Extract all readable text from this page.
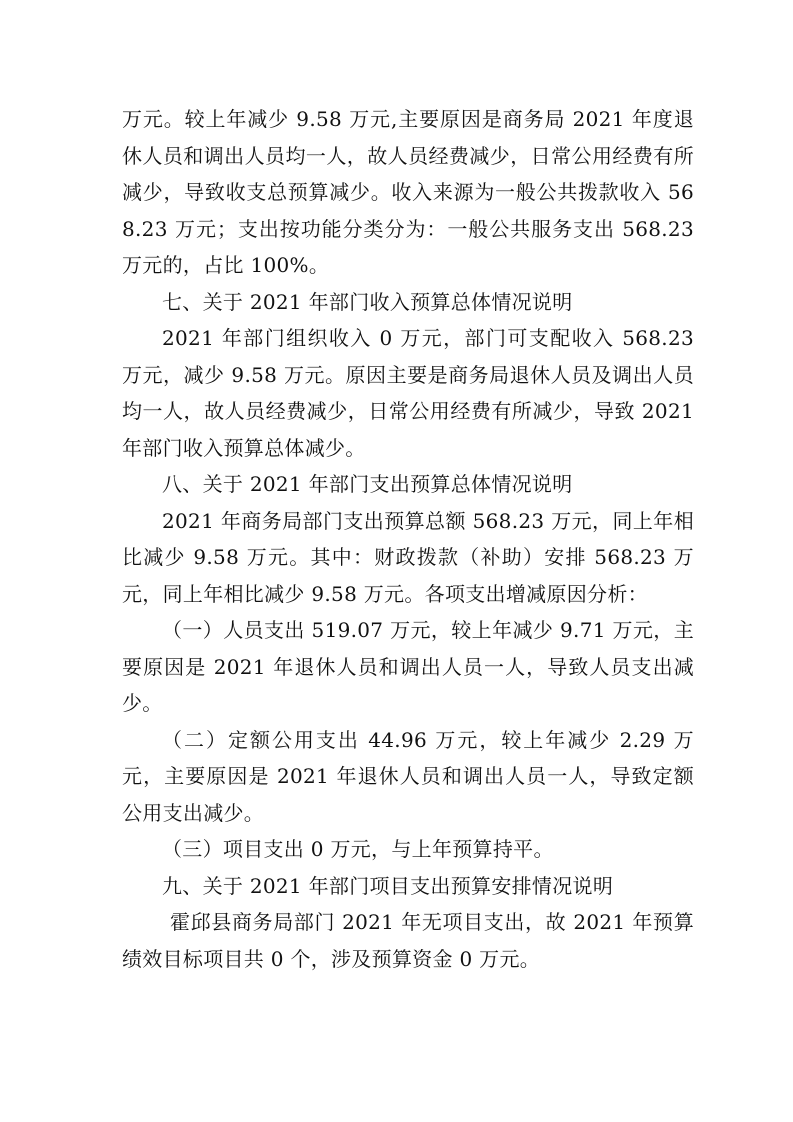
万元。较上年减少 9.58 万元,主要原因是商务局 2021 年度退休人员和调出人员均一人，故人员经费减少，日常公用经费有所减少，导致收支总预算减少。收入来源为一般公共拨款收入 568.23 万元；支出按功能分类分为：一般公共服务支出 568.23 万元的，占比 100%。

七、关于 2021 年部门收入预算总体情况说明

2021 年部门组织收入 0 万元，部门可支配收入 568.23 万元，减少 9.58 万元。原因主要是商务局退休人员及调出人员均一人，故人员经费减少，日常公用经费有所减少，导致 2021 年部门收入预算总体减少。

八、关于 2021 年部门支出预算总体情况说明

2021 年商务局部门支出预算总额 568.23 万元，同上年相比减少 9.58 万元。其中：财政拨款（补助）安排 568.23 万元，同上年相比减少 9.58 万元。各项支出增减原因分析：

（一）人员支出 519.07 万元，较上年减少 9.71 万元，主要原因是 2021 年退休人员和调出人员一人，导致人员支出减少。

（二）定额公用支出 44.96 万元，较上年减少 2.29 万元，主要原因是 2021 年退休人员和调出人员一人，导致定额公用支出减少。

（三）项目支出 0 万元，与上年预算持平。

九、关于 2021 年部门项目支出预算安排情况说明

霍邱县商务局部门 2021 年无项目支出，故 2021 年预算绩效目标项目共 0 个，涉及预算资金 0 万元。
